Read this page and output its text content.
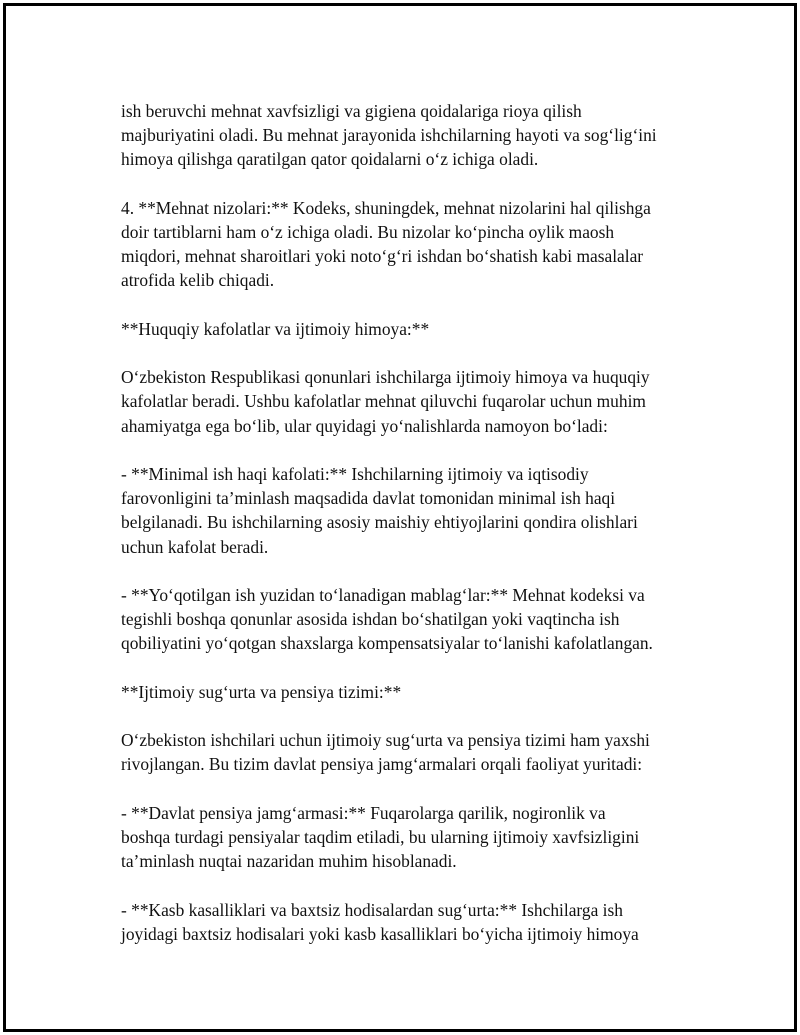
ish beruvchi mehnat xavfsizligi va gigiena qoidalariga rioya qilish
majburiyatini oladi. Bu mehnat jarayonida ishchilarning hayoti va sog‘lig‘ini
himoya qilishga qaratilgan qator qoidalarni o‘z ichiga oladi.

4. **Mehnat nizolari:** Kodeks, shuningdek, mehnat nizolarini hal qilishga
doir tartiblarni ham o‘z ichiga oladi. Bu nizolar ko‘pincha oylik maosh
miqdori, mehnat sharoitlari yoki noto‘g‘ri ishdan bo‘shatish kabi masalalar
atrofida kelib chiqadi.

**Huquqiy kafolatlar va ijtimoiy himoya:**

O‘zbekiston Respublikasi qonunlari ishchilarga ijtimoiy himoya va huquqiy
kafolatlar beradi. Ushbu kafolatlar mehnat qiluvchi fuqarolar uchun muhim
ahamiyatga ega bo‘lib, ular quyidagi yo‘nalishlarda namoyon bo‘ladi:

- **Minimal ish haqi kafolati:** Ishchilarning ijtimoiy va iqtisodiy
farovonligini ta’minlash maqsadida davlat tomonidan minimal ish haqi
belgilanadi. Bu ishchilarning asosiy maishiy ehtiyojlarini qondira olishlari
uchun kafolat beradi.

- **Yo‘qotilgan ish yuzidan to‘lanadigan mablag‘lar:** Mehnat kodeksi va
tegishli boshqa qonunlar asosida ishdan bo‘shatilgan yoki vaqtincha ish
qobiliyatini yo‘qotgan shaxslarga kompensatsiyalar to‘lanishi kafolatlangan.

**Ijtimoiy sug‘urta va pensiya tizimi:**

O‘zbekiston ishchilari uchun ijtimoiy sug‘urta va pensiya tizimi ham yaxshi
rivojlangan. Bu tizim davlat pensiya jamg‘armalari orqali faoliyat yuritadi:

- **Davlat pensiya jamg‘armasi:** Fuqarolarga qarilik, nogironlik va
boshqa turdagi pensiyalar taqdim etiladi, bu ularning ijtimoiy xavfsizligini
ta’minlash nuqtai nazaridan muhim hisoblanadi.

- **Kasb kasalliklari va baxtsiz hodisalardan sug‘urta:** Ishchilarga ish
joyidagi baxtsiz hodisalari yoki kasb kasalliklari bo‘yicha ijtimoiy himoya
